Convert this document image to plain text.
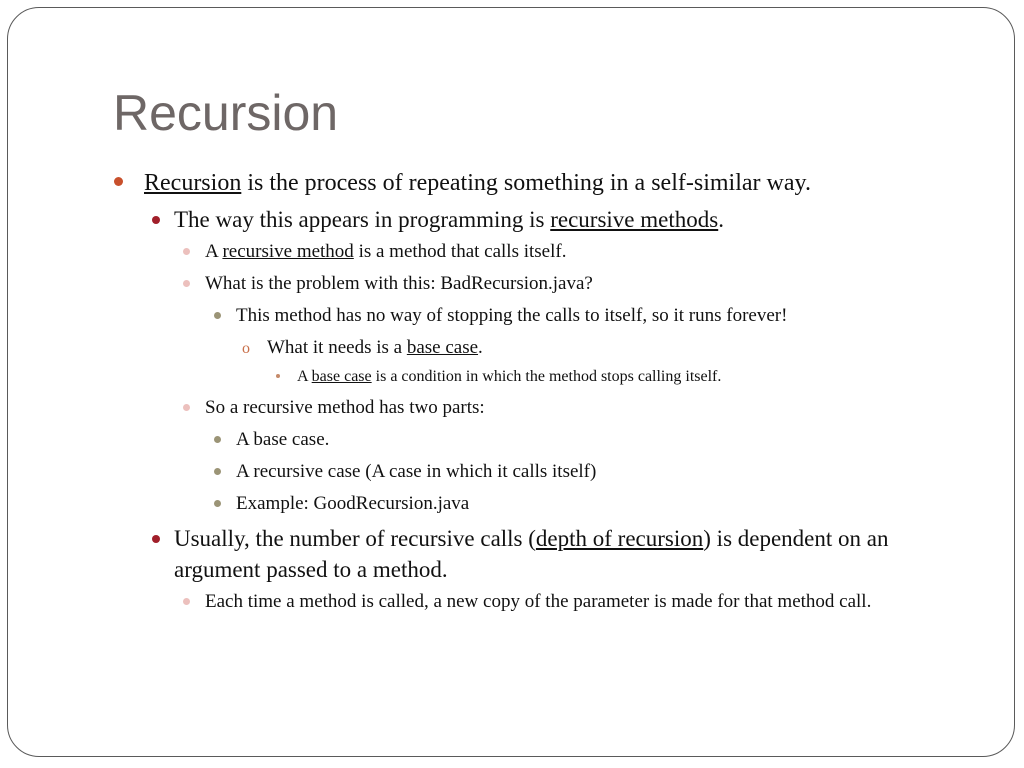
Recursion

Recursion is the process of repeating something in a self-similar way.

The way this appears in programming is recursive methods.

A recursive method is a method that calls itself.

What is the problem with this: BadRecursion.java?

This method has no way of stopping the calls to itself, so it runs forever!

o What it needs is a base case.

A base case is a condition in which the method stops calling itself.

So a recursive method has two parts:

A base case.

A recursive case (A case in which it calls itself)

Example: GoodRecursion.java

Usually, the number of recursive calls (depth of recursion) is dependent on an argument passed to a method.

Each time a method is called, a new copy of the parameter is made for that method call.
